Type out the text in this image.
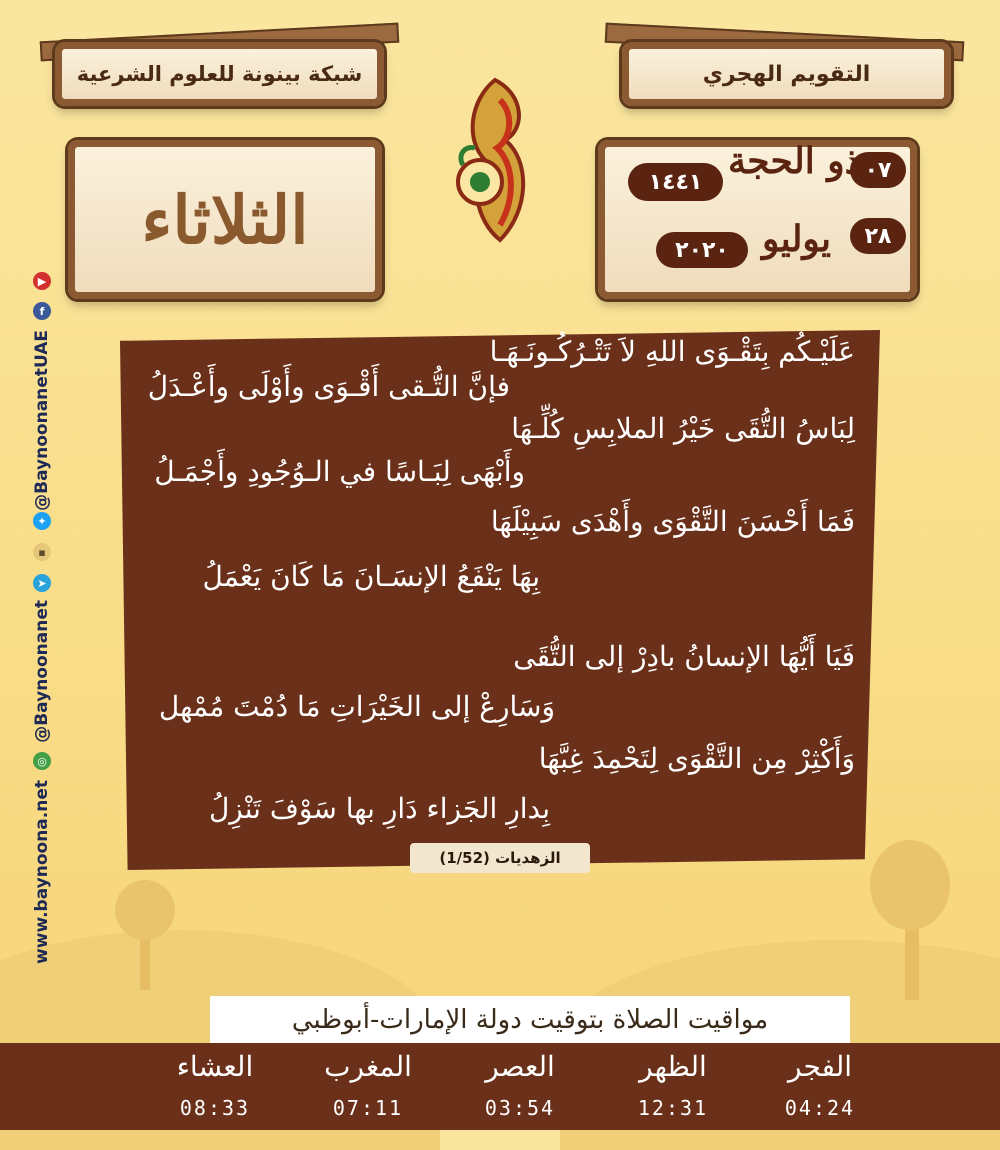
شبكة بينونة للعلوم الشرعية	التقويم الهجري
الثلاثاء
٠٧
ذو الحجة
١٤٤١
٢٨
يوليو
٢٠٢٠
▶
f
@BaynoonanetUAE
✦
▪
➤
@Baynoonanet
◎
www.baynoona.net
عَلَيْـكُم بِتَقْـوَى اللهِ لاَ تَتْـرُكُـونَـهَـا
فإنَّ التُّـقى أَقْـوَى وأَوْلَى وأَعْـدَلُ
لِبَاسُ التُّقَى خَيْرُ الملابِسِ كُلِّـهَا
وأَبْهَى لِبَـاسًا في الـوُجُودِ وأَجْمَـلُ
فَمَا أَحْسَنَ التَّقْوَى وأَهْدَى سَبِيْلَهَا
بِهَا يَنْفَعُ الإنسَـانَ مَا كَانَ يَعْمَلُ
فَيَا أَيُّهَا الإنسانُ بادِرْ إلى التُّقَى
وَسَارِعْ إلى الخَيْرَاتِ مَا دُمْتَ مُمْهل
وَأَكْثِرْ مِن التَّقْوَى لِتَحْمِدَ غِبَّهَا
بِدارِ الجَزاء دَارِ بها سَوْفَ تَنْزِلُ
الزهديات (1/52)
مواقيت الصلاة بتوقيت دولة الإمارات-أبوظبي
الفجر
04:24
الظهر
12:31
العصر
03:54
المغرب
07:11
العشاء
08:33
